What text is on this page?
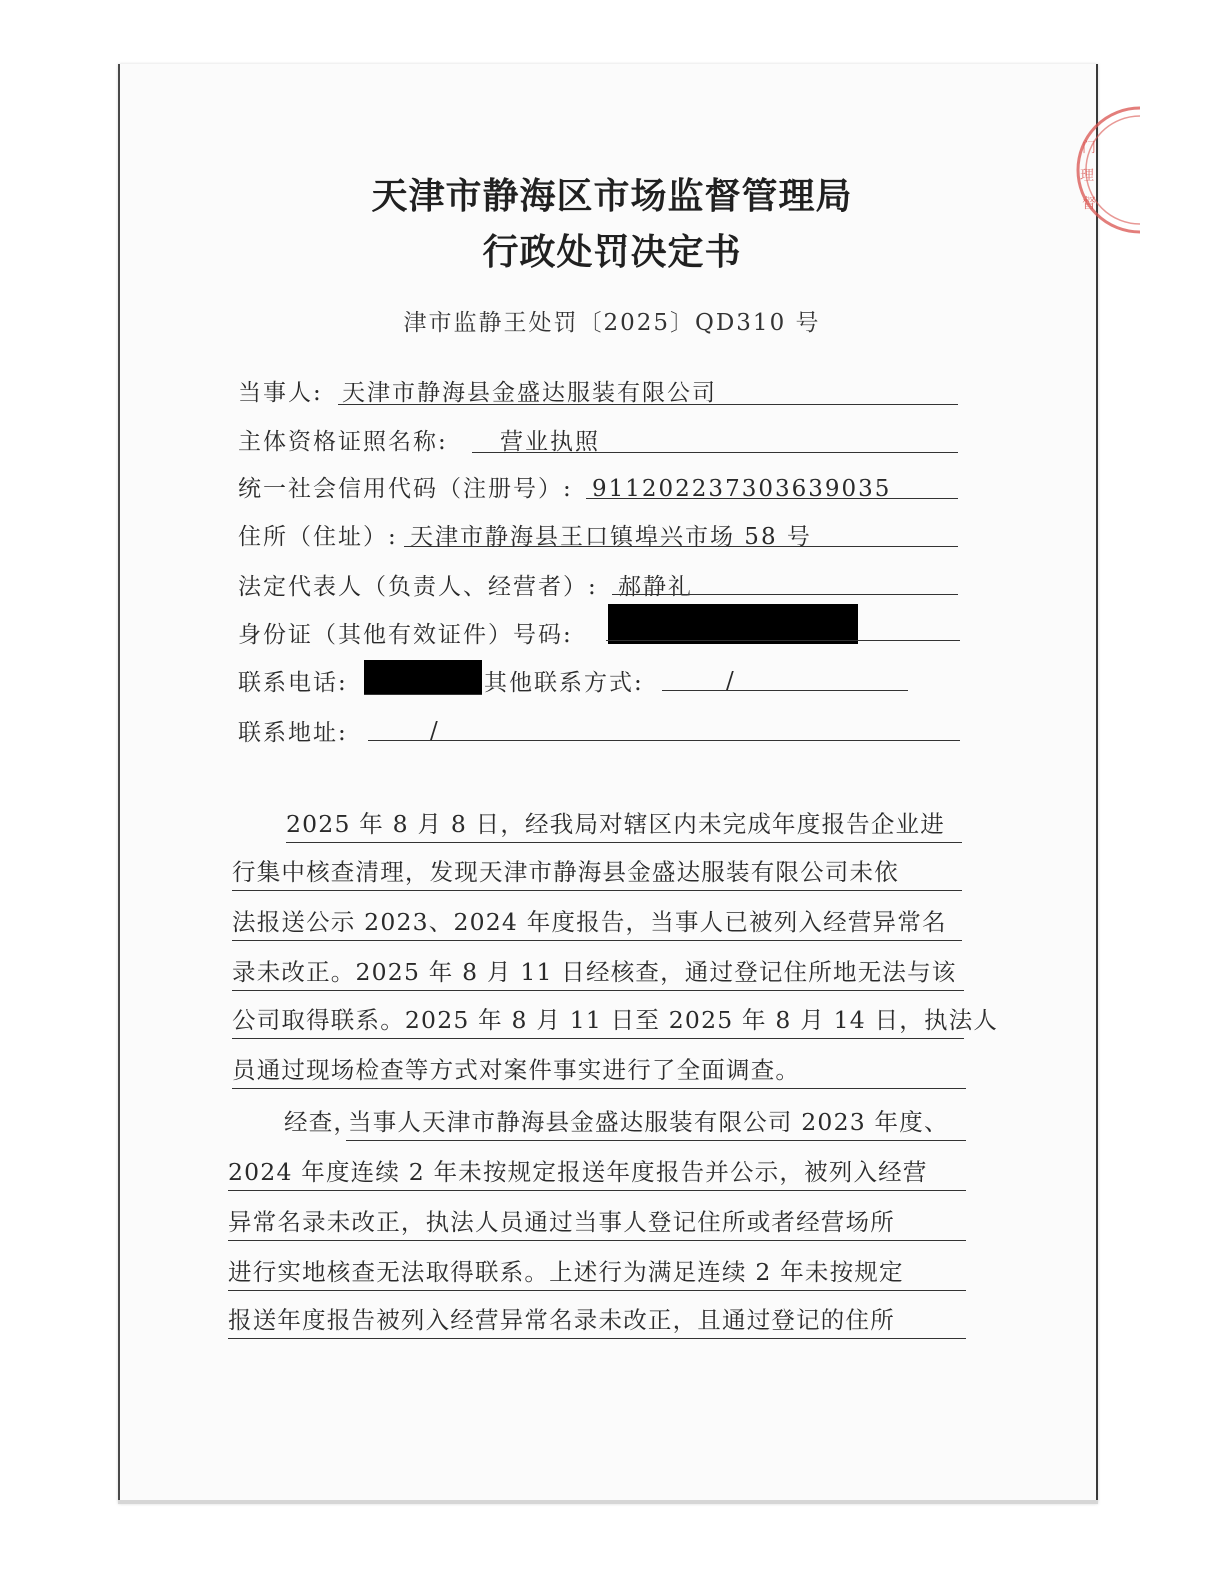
门
理
督
天津市静海区市场监督管理局
行政处罚决定书
津市监静王处罚〔2025〕QD310 号
当事人: 天津市静海县金盛达服装有限公司
主体资格证照名称: 营业执照
统一社会信用代码（注册号）: 911202237303639035
住所（住址）: 天津市静海县王口镇埠兴市场 58 号
法定代表人（负责人、经营者）: 郝静礼
身份证（其他有效证件）号码:
联系电话:	其他联系方式:	/
联系地址:	/
2025 年 8 月 8 日，经我局对辖区内未完成年度报告企业进
行集中核查清理，发现天津市静海县金盛达服装有限公司未依
法报送公示 2023、2024 年度报告，当事人已被列入经营异常名
录未改正。2025 年 8 月 11 日经核查，通过登记住所地无法与该
公司取得联系。2025 年 8 月 11 日至 2025 年 8 月 14 日，执法人
员通过现场检查等方式对案件事实进行了全面调查。
经查，
当事人天津市静海县金盛达服装有限公司 2023 年度、
2024 年度连续 2 年未按规定报送年度报告并公示，被列入经营
异常名录未改正，执法人员通过当事人登记住所或者经营场所
进行实地核查无法取得联系。上述行为满足连续 2 年未按规定
报送年度报告被列入经营异常名录未改正，且通过登记的住所
